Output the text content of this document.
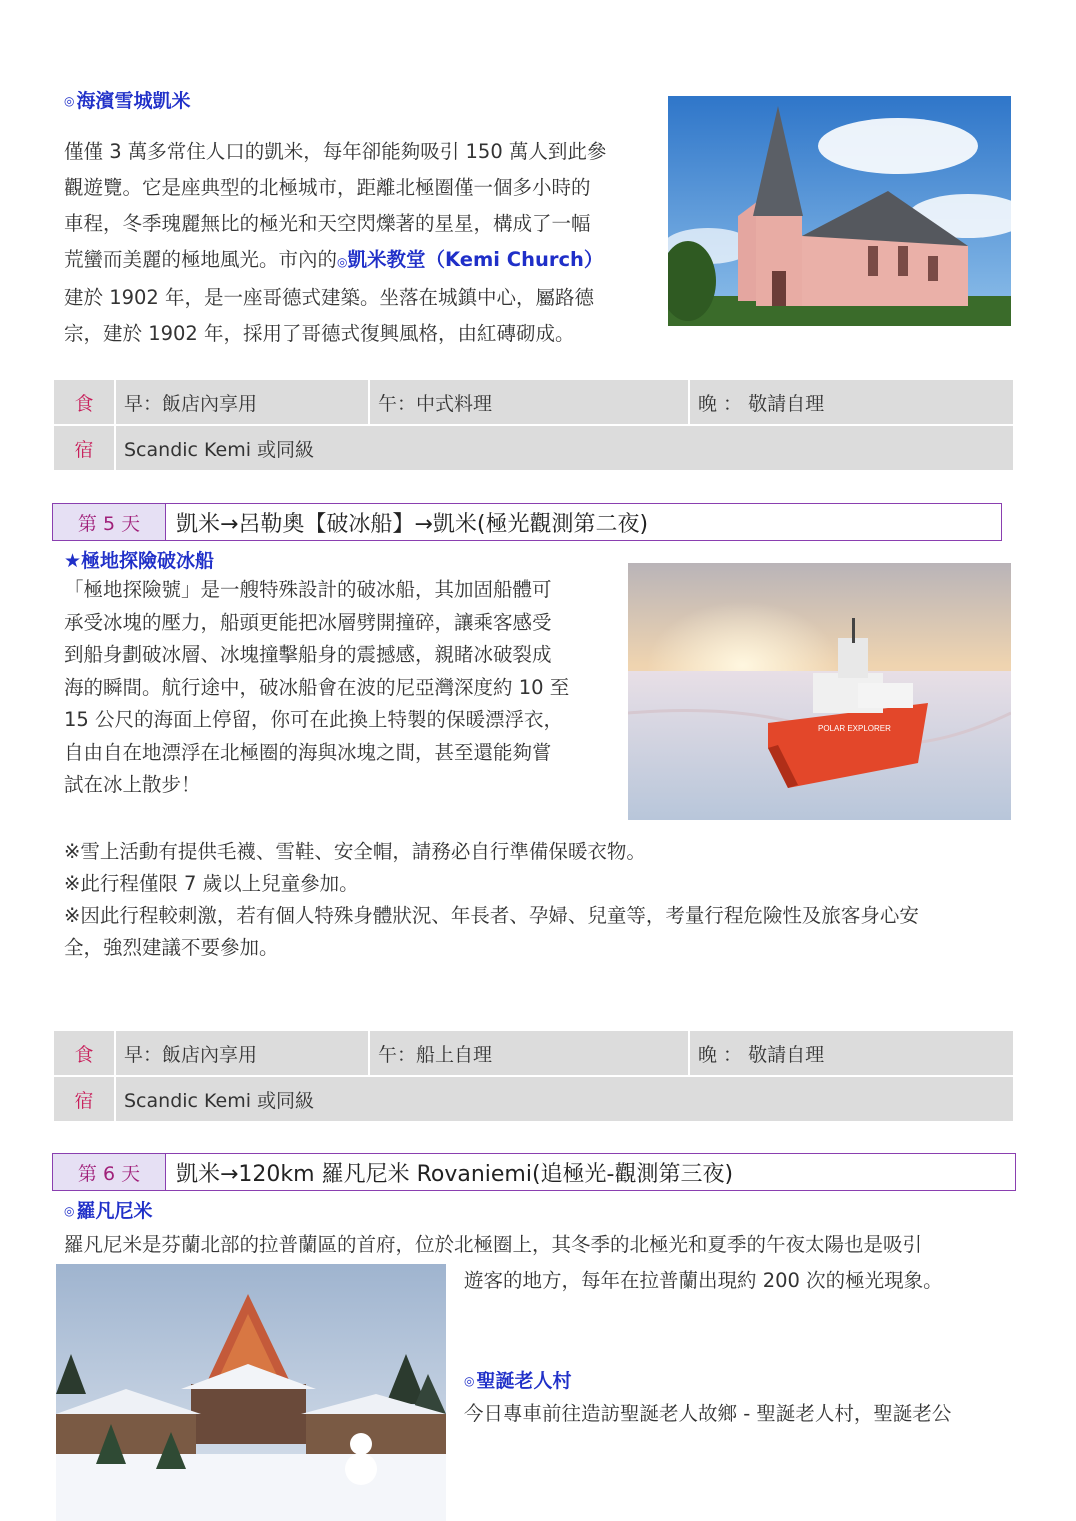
◎ 海濱雪城凱米
僅僅 3 萬多常住人口的凱米，每年卻能夠吸引 150 萬人到此參
觀遊覽。它是座典型的北極城市，距離北極圈僅一個多小時的
車程，冬季瑰麗無比的極光和天空閃爍著的星星，構成了一幅
荒蠻而美麗的極地風光。市內的◎凱米教堂（Kemi Church）
建於 1902 年，是一座哥德式建築。坐落在城鎮中心，屬路德
宗，建於 1902 年，採用了哥德式復興風格，由紅磚砌成。
食	早：飯店內享用	午：中式料理	晚 ： 敬請自理
宿	Scandic Kemi 或同級		
第 5 天	凱米→呂勒奧【破冰船】→凱米(極光觀測第二夜)
★極地探險破冰船
「極地探險號」是一艘特殊設計的破冰船，其加固船體可
承受冰塊的壓力，船頭更能把冰層劈開撞碎，讓乘客感受
到船身劃破冰層、冰塊撞擊船身的震撼感，親睹冰破裂成
海的瞬間。航行途中，破冰船會在波的尼亞灣深度約 10 至
15 公尺的海面上停留，你可在此換上特製的保暖漂浮衣，
自由自在地漂浮在北極圈的海與冰塊之間，甚至還能夠嘗
試在冰上散步！
POLAR EXPLORER
※雪上活動有提供毛襪、雪鞋、安全帽，請務必自行準備保暖衣物。
※此行程僅限 7 歲以上兒童參加。
※因此行程較刺激，若有個人特殊身體狀況、年長者、孕婦、兒童等，考量行程危險性及旅客身心安
全，強烈建議不要參加。
食	早：飯店內享用	午：船上自理	晚 ： 敬請自理
宿	Scandic Kemi 或同級		
第 6 天	凱米→120km 羅凡尼米 Rovaniemi(追極光-觀測第三夜)
◎ 羅凡尼米
羅凡尼米是芬蘭北部的拉普蘭區的首府，位於北極圈上，其冬季的北極光和夏季的午夜太陽也是吸引
遊客的地方，每年在拉普蘭出現約 200 次的極光現象。
◎ 聖誕老人村
今日專車前往造訪聖誕老人故鄉 - 聖誕老人村，聖誕老公
